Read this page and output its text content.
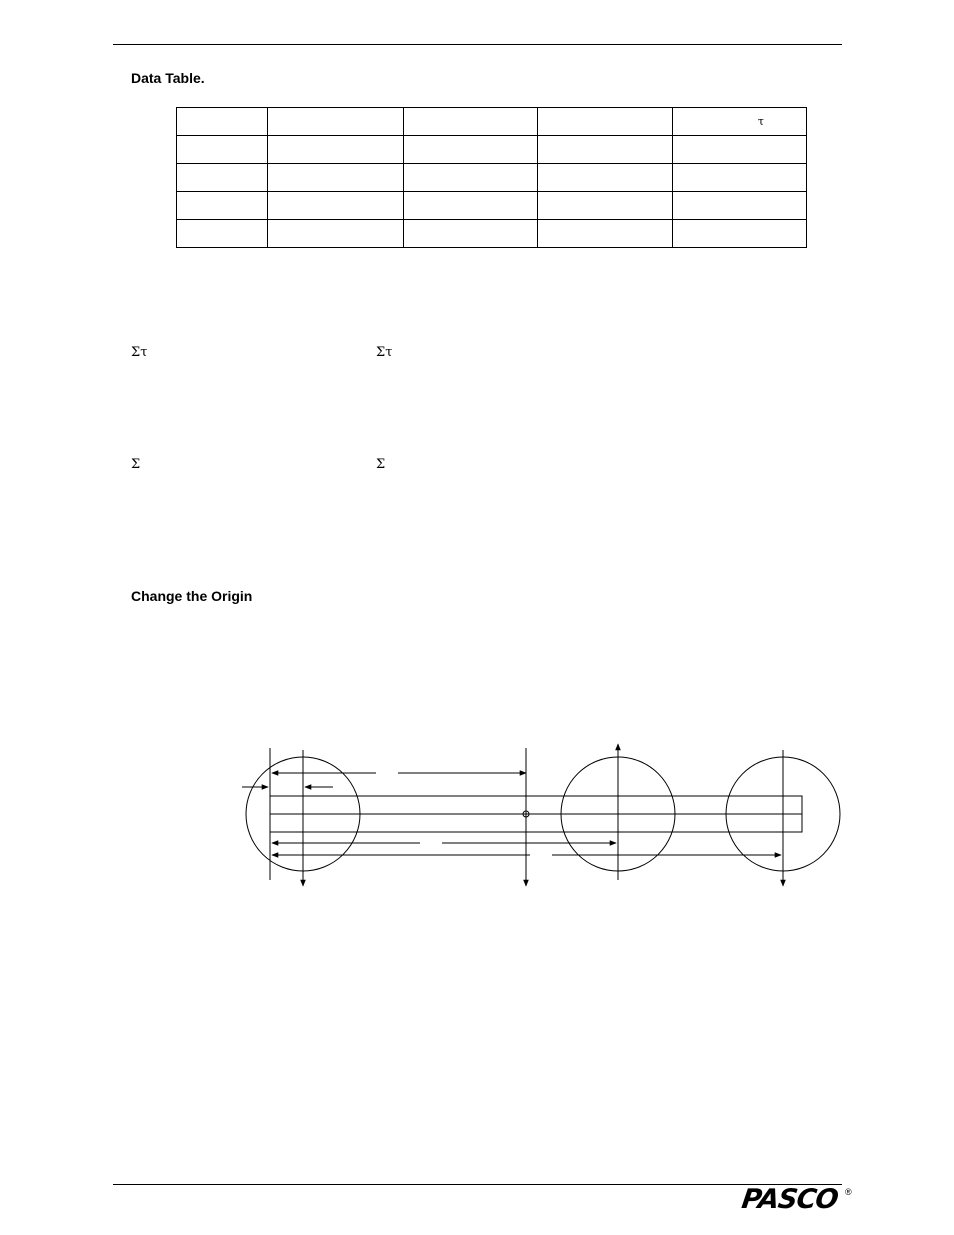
Data Table.
				τ

Στ	Στ
Σ	Σ
Change the Origin
PASCO ®
